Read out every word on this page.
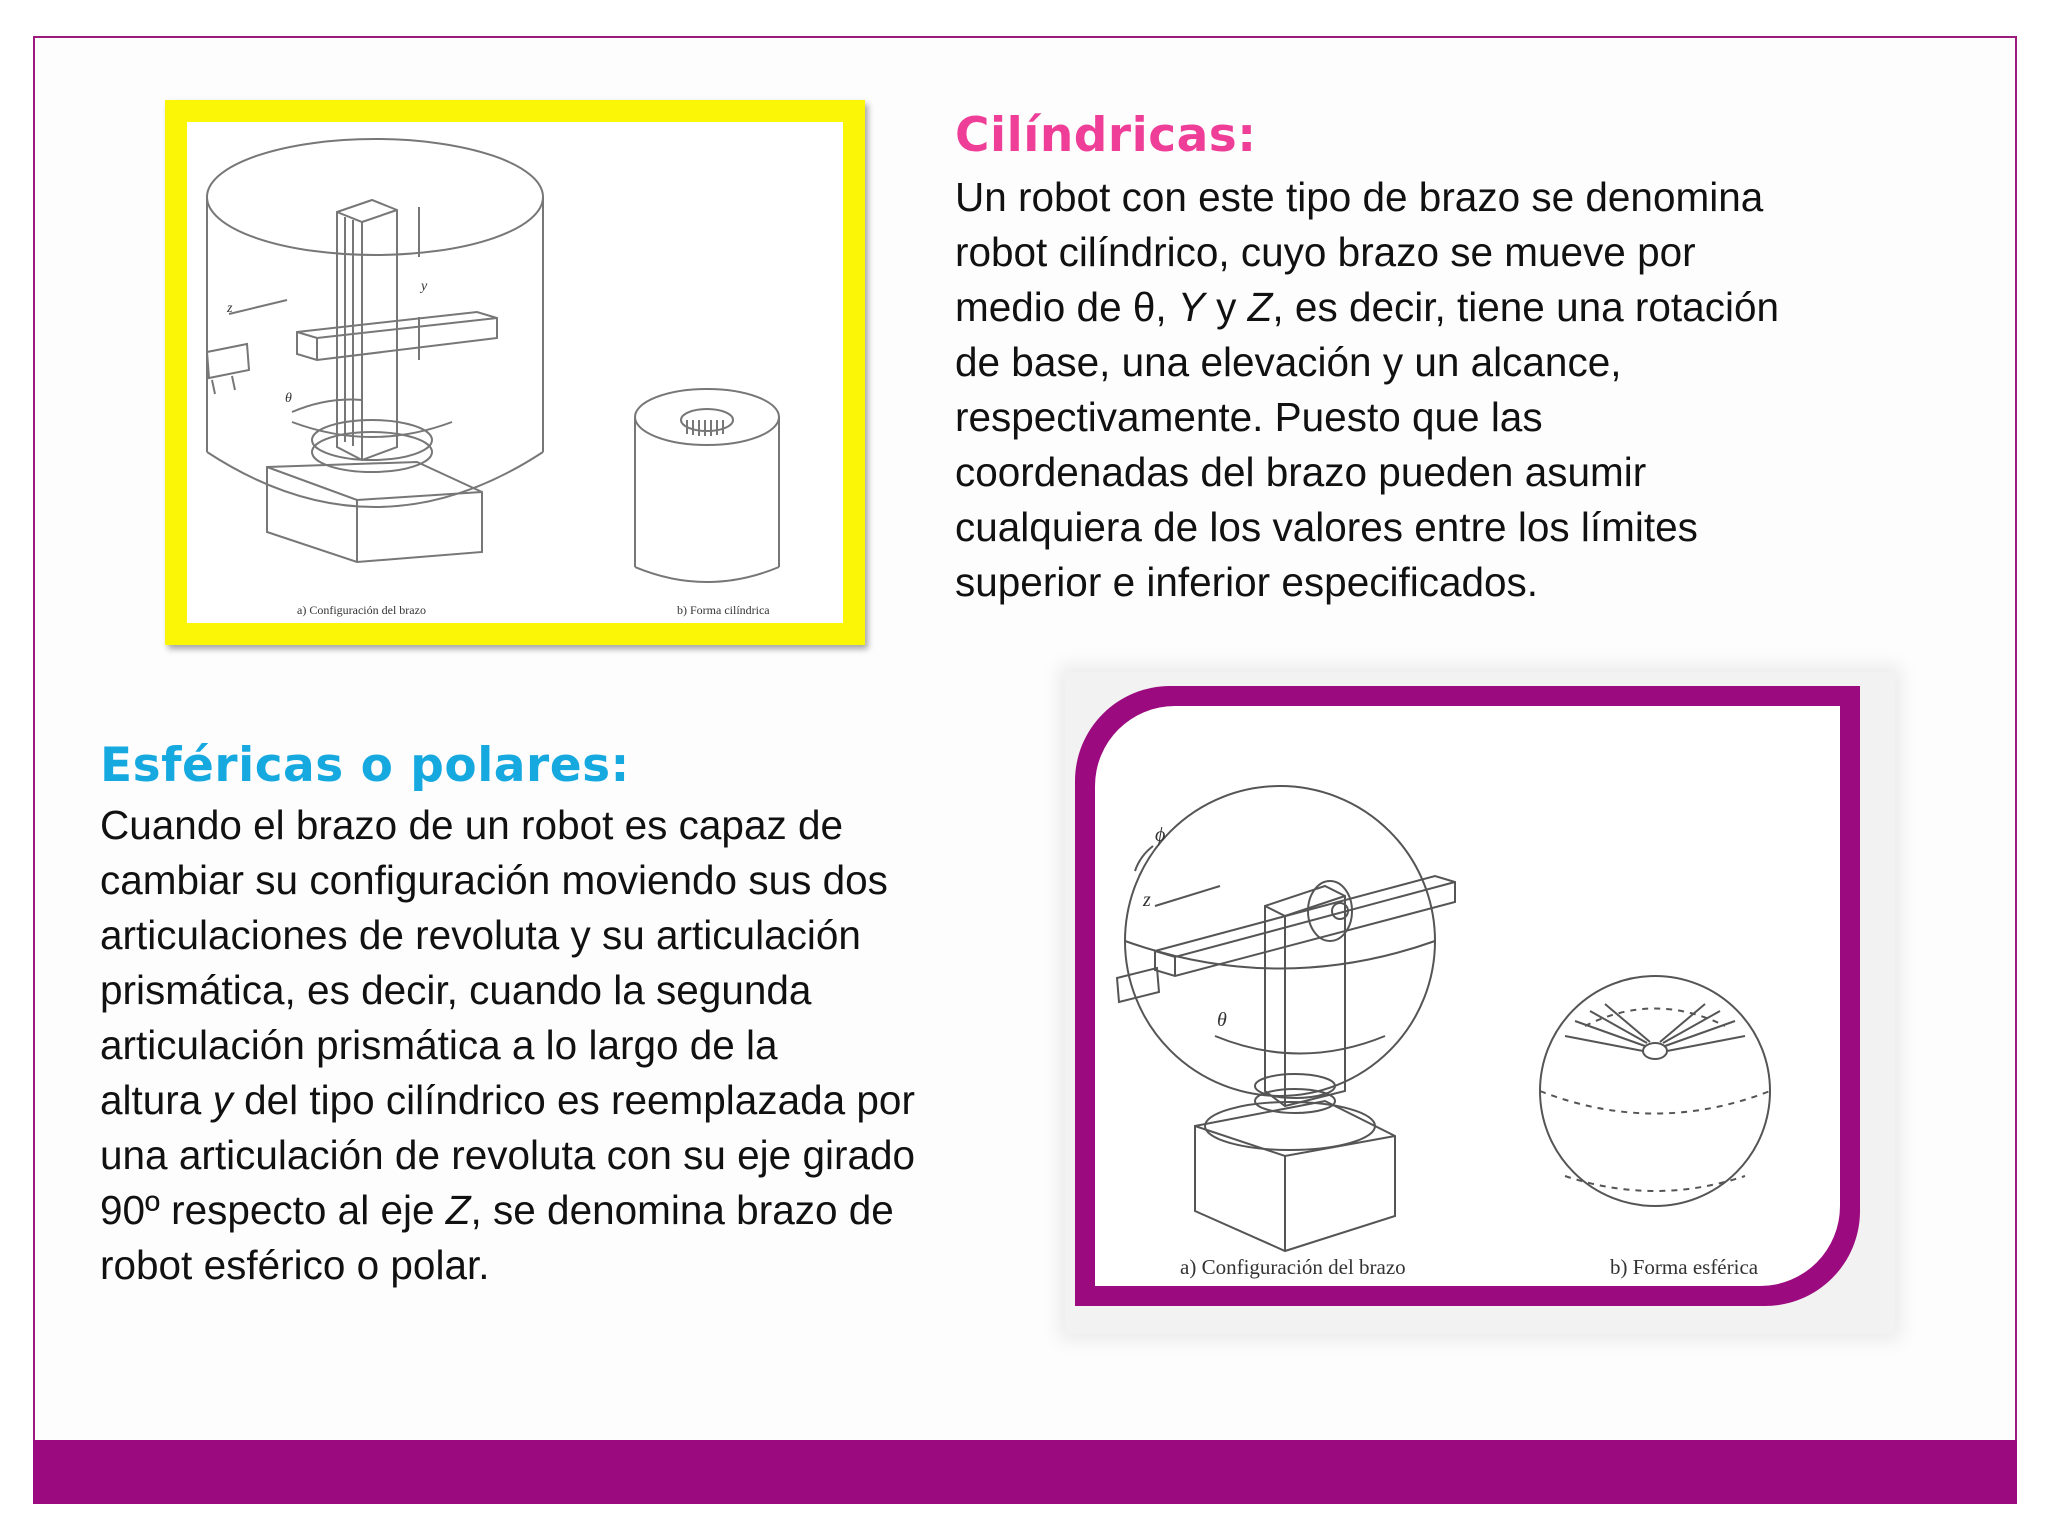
y
z
θ
a) Configuración del brazo	b) Forma cilíndrica
Cilíndricas:

Un robot con este tipo de brazo se denomina
robot cilíndrico, cuyo brazo se mueve por
medio de θ, Y y Z, es decir, tiene una rotación
de base, una elevación y un alcance,
respectivamente. Puesto que las
coordenadas del brazo pueden asumir
cualquiera de los valores entre los límites
superior e inferior especificados.

Esféricas o polares:

Cuando el brazo de un robot es capaz de
cambiar su configuración moviendo sus dos
articulaciones de revoluta y su articulación
prismática, es decir, cuando la segunda
articulación prismática a lo largo de la
altura y del tipo cilíndrico es reemplazada por
una articulación de revoluta con su eje girado
90º respecto al eje Z, se denomina brazo de
robot esférico o polar.

ϕ
z
θ
a) Configuración del brazo	b) Forma esférica
